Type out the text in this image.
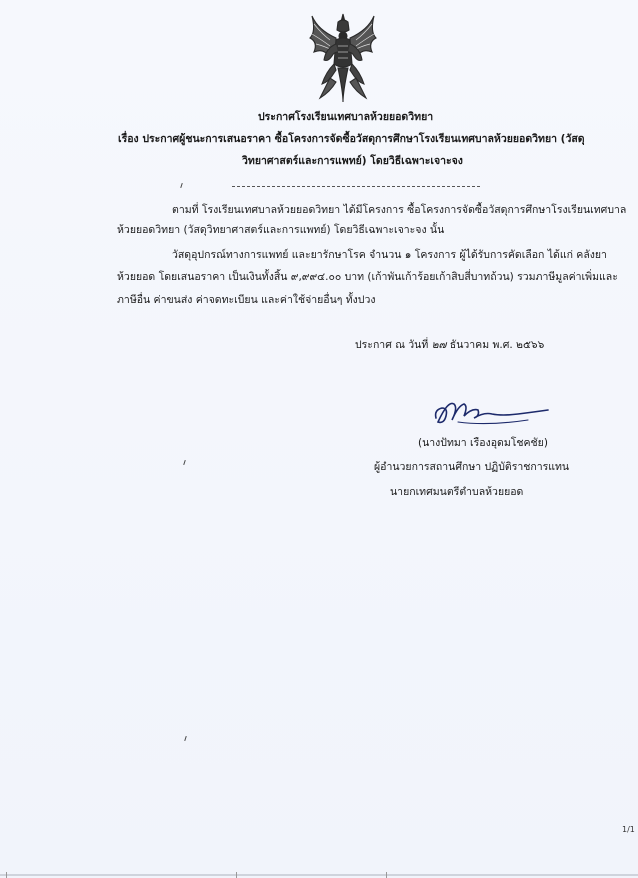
ประกาศโรงเรียนเทศบาลห้วยยอดวิทยา
เรื่อง ประกาศผู้ชนะการเสนอราคา ซื้อโครงการจัดซื้อวัสดุการศึกษาโรงเรียนเทศบาลห้วยยอดวิทยา (วัสดุ
วิทยาศาสตร์และการแพทย์) โดยวิธีเฉพาะเจาะจง
ตามที่ โรงเรียนเทศบาลห้วยยอดวิทยา ได้มีโครงการ ซื้อโครงการจัดซื้อวัสดุการศึกษาโรงเรียนเทศบาล
ห้วยยอดวิทยา (วัสดุวิทยาศาสตร์และการแพทย์) โดยวิธีเฉพาะเจาะจง นั้น
วัสดุอุปกรณ์ทางการแพทย์ และยารักษาโรค จำนวน ๑ โครงการ ผู้ได้รับการคัดเลือก ได้แก่ คลังยา
ห้วยยอด โดยเสนอราคา เป็นเงินทั้งสิ้น ๙,๙๙๔.๐๐ บาท (เก้าพันเก้าร้อยเก้าสิบสี่บาทถ้วน) รวมภาษีมูลค่าเพิ่มและ
ภาษีอื่น ค่าขนส่ง ค่าจดทะเบียน และค่าใช้จ่ายอื่นๆ ทั้งปวง
ประกาศ ณ วันที่ ๒๗ ธันวาคม พ.ศ. ๒๕๖๖
(นางปัทมา เรืองอุดมโชคชัย)
ผู้อำนวยการสถานศึกษา ปฏิบัติราชการแทน
นายกเทศมนตรีตำบลห้วยยอด
1/1
